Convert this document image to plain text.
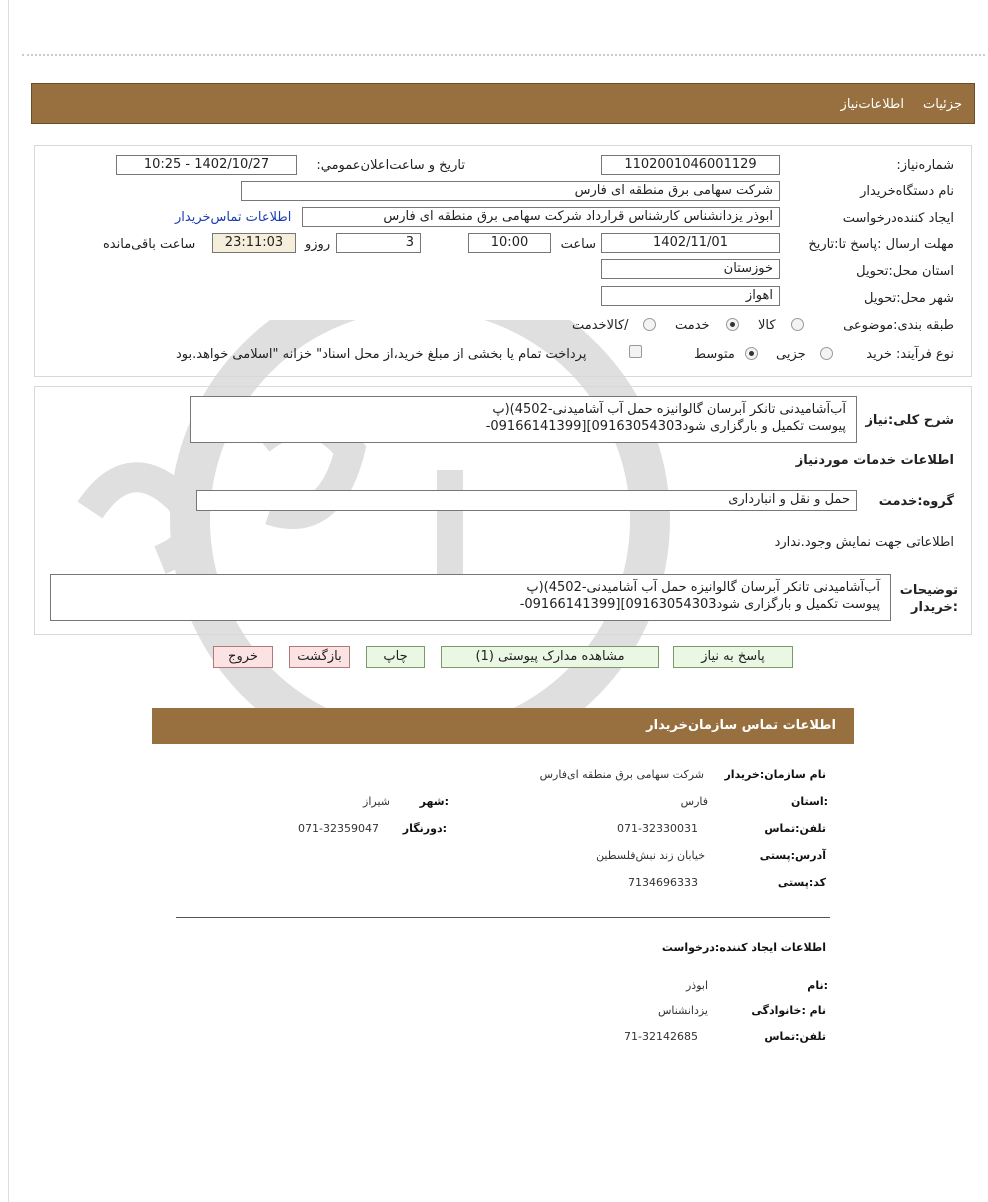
جزئیات
اطلاعات‌نیاز
شماره‌نیاز:
1102001046001129
تاریخ و ساعت‌اعلان‌عمومي:
1402/10/27 - 10:25
نام دستگاه‌خریدار
شرکت سهامی برق منطقه ای فارس
ایجاد کننده‌درخواست
ابوذر یزدانشناس کارشناس قرارداد شرکت سهامی برق منطقه ای فارس
اطلاعات تماس‌خریدار
مهلت ارسال :پاسخ تا:تاریخ
1402/11/01
ساعت
10:00
3
روزو
23:11:03
ساعت باقی‌مانده
استان محل:تحویل
خوزستان
شهر محل:تحویل
اهواز
طبقه بندی:موضوعی
کالا
خدمت
/کالاخدمت
نوع فرآیند: خرید
جزیی
متوسط
پرداخت تمام یا بخشی از مبلغ خرید،از محل اسناد" خزانه "اسلامی خواهد.بود
شرح کلی:نیاز
آب‌آشامیدنی تانکر آبرسان گالوانیزه حمل آب آشامیدنی-4502)(پ
پیوست تکمیل و بارگزاری شود09163054303][09166141399-
اطلاعات خدمات موردنیاز
گروه:خدمت
حمل و نقل و انبارداری
اطلاعاتی جهت نمایش وجود.ندارد
توضیحات
:خریدار
آب‌آشامیدنی تانکر آبرسان گالوانیزه حمل آب آشامیدنی-4502)(پ
پیوست تکمیل و بارگزاری شود09163054303][09166141399-
پاسخ به نیاز
مشاهده مدارک پیوستی (1)
چاپ
بازگشت
خروج
اطلاعات تماس سازمان‌خریدار
نام سازمان:خریدار
شرکت سهامی برق منطقه ای‌فارس
:استان
فارس
:شهر
شیراز
تلفن:تماس
071-32330031
:دورنگار
071-32359047
آدرس:پستی
خیابان زند نبش‌فلسطین
کد:پستی
7134696333
اطلاعات ایجاد کننده:درخواست
:نام
ابوذر
نام :خانوادگی
یزدانشناس
تلفن:تماس
71-32142685
